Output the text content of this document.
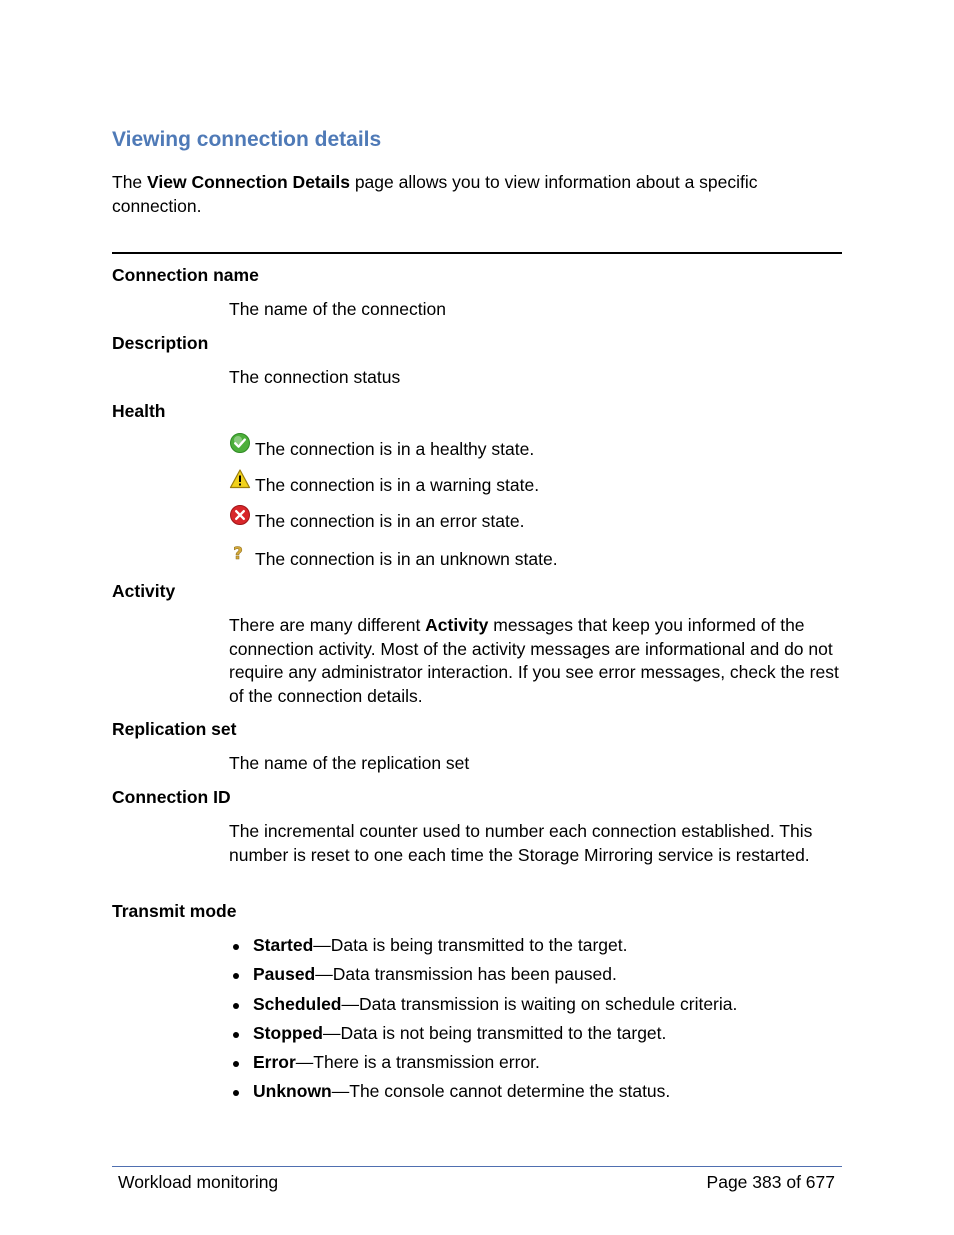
Viewing connection details
The View Connection Details page allows you to view information about a specific connection.
Connection name
The name of the connection
Description
The connection status
Health
The connection is in a healthy state.
The connection is in a warning state.
The connection is in an error state.
? The connection is in an unknown state.
Activity
There are many different Activity messages that keep you informed of the connection activity. Most of the activity messages are informational and do not require any administrator interaction. If you see error messages, check the rest of the connection details.
Replication set
The name of the replication set
Connection ID
The incremental counter used to number each connection established. This number is reset to one each time the Storage Mirroring service is restarted.
Transmit mode
Started—Data is being transmitted to the target.
Paused—Data transmission has been paused.
Scheduled—Data transmission is waiting on schedule criteria.
Stopped—Data is not being transmitted to the target.
Error—There is a transmission error.
Unknown—The console cannot determine the status.
Workload monitoring	Page 383 of 677
